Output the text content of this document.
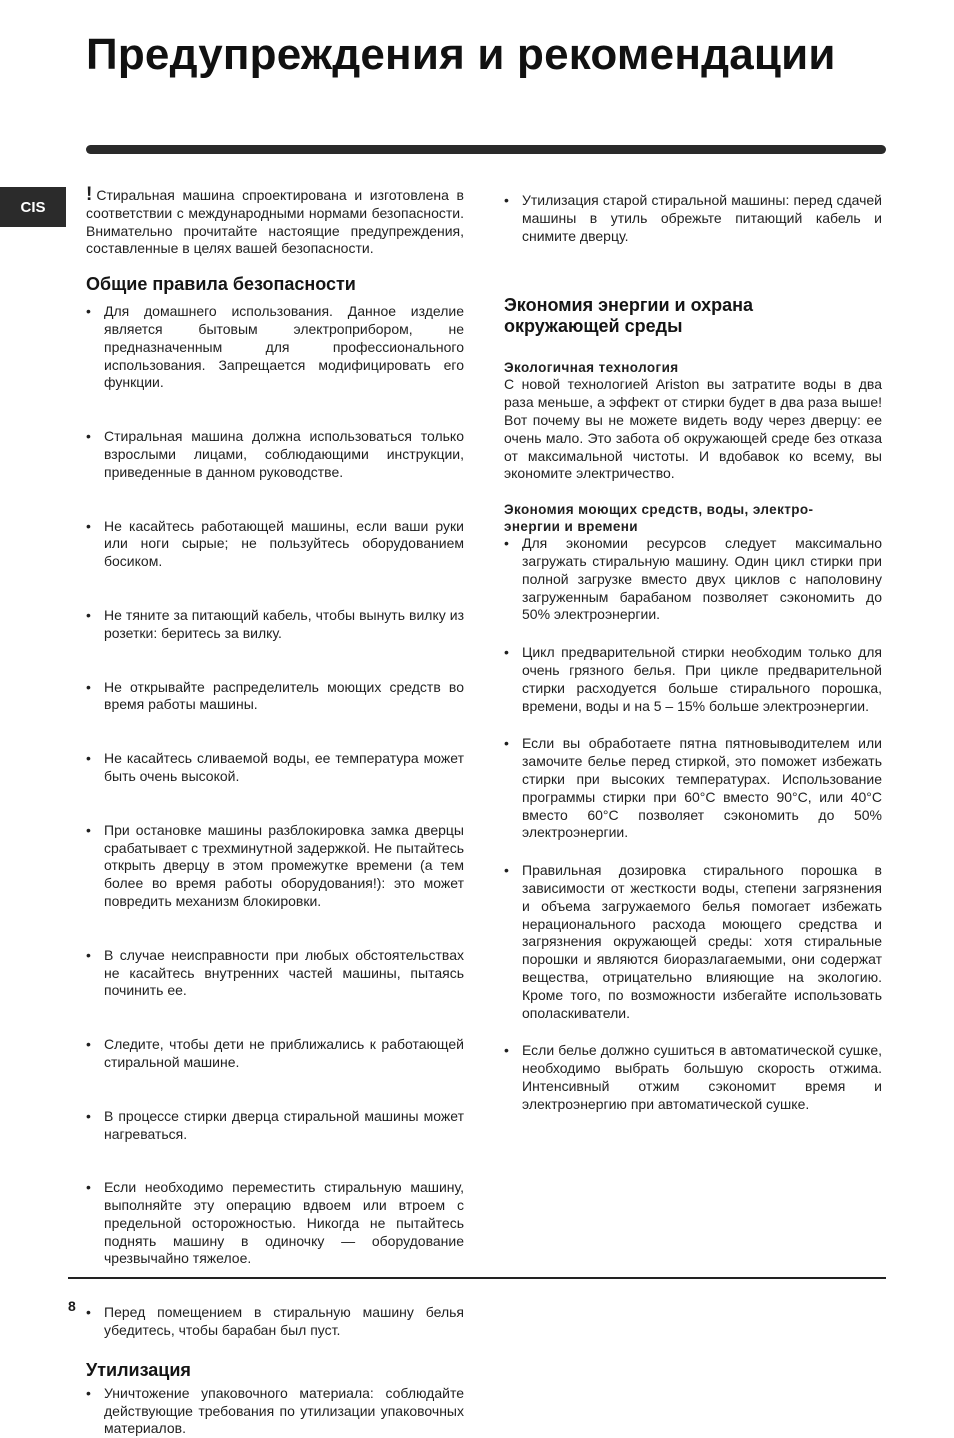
Предупреждения и рекомендации
CIS

! Стиральная машина спроектирована и изготовлена в соответствии с международными нормами безопасности. Внимательно прочитайте настоящие предупреждения, составленные в целях вашей безопасности.

Общие правила безопасности
• Для домашнего использования. Данное изделие является бытовым электроприбором, не предназначенным для профессионального использования. Запрещается модифицировать его функции.
• Стиральная машина должна использоваться только взрослыми лицами, соблюдающими инструкции, приведенные в данном руководстве.
• Не касайтесь работающей машины, если ваши руки или ноги сырые; не пользуйтесь оборудованием босиком.
• Не тяните за питающий кабель, чтобы вынуть вилку из розетки: беритесь за вилку.
• Не открывайте распределитель моющих средств во время работы машины.
• Не касайтесь сливаемой воды, ее температура может быть очень высокой.
• При остановке машины разблокировка замка дверцы срабатывает с трехминутной задержкой. Не пытайтесь открыть дверцу в этом промежутке времени (а тем более во время работы оборудования!): это может повредить механизм блокировки.
• В случае неисправности при любых обстоятельствах не касайтесь внутренних частей машины, пытаясь починить ее.
• Следите, чтобы дети не приближались к работающей стиральной машине.
• В процессе стирки дверца стиральной машины может нагреваться.
• Если необходимо переместить стиральную машину, выполняйте эту операцию вдвоем или втроем с предельной осторожностью. Никогда не пытайтесь поднять машину в одиночку — оборудование чрезвычайно тяжелое.
• Перед помещением в стиральную машину белья убедитесь, чтобы барабан был пуст.
Утилизация
• Уничтожение упаковочного материала: соблюдайте действующие требования по утилизации упаковочных материалов.
• Утилизация старой стиральной машины: перед сдачей машины в утиль обрежьте питающий кабель и снимите дверцу.
Экономия энергии и охрана
окружающей среды
Экологичная технология

С новой технологией Ariston вы затратите воды в два раза меньше, а эффект от стирки будет в два раза выше! Вот почему вы не можете видеть воду через дверцу: ее очень мало. Это забота об окружающей среде без отказа от максимальной чистоты. И вдобавок ко всему, вы экономите электричество.

Экономия моющих средств, воды, электро-
энергии и времени
• Для экономии ресурсов следует максимально загружать стиральную машину. Один цикл стирки при полной загрузке вместо двух циклов с наполовину загруженным барабаном позволяет сэкономить до 50% электроэнергии.
• Цикл предварительной стирки необходим только для очень грязного белья. При цикле предварительной стирки расходуется больше стирального порошка, времени, воды и на 5 – 15% больше электроэнергии.
• Если вы обработаете пятна пятновыводителем или замочите белье перед стиркой, это поможет избежать стирки при высоких температурах. Использование программы стирки при 60°C вместо 90°C, или 40°C вместо 60°C позволяет сэкономить до 50% электроэнергии.
• Правильная дозировка стирального порошка в зависимости от жесткости воды, степени загрязнения и объема загружаемого белья помогает избежать нерационального расхода моющего средства и загрязнения окружающей среды: хотя стиральные порошки и являются биоразлагаемыми, они содержат вещества, отрицательно влияющие на экологию. Кроме того, по возможности избегайте использовать ополаскиватели.
• Если белье должно сушиться в автоматической сушке, необходимо выбрать большую скорость отжима. Интенсивный отжим сэкономит время и электроэнергию при автоматической сушке.
8
